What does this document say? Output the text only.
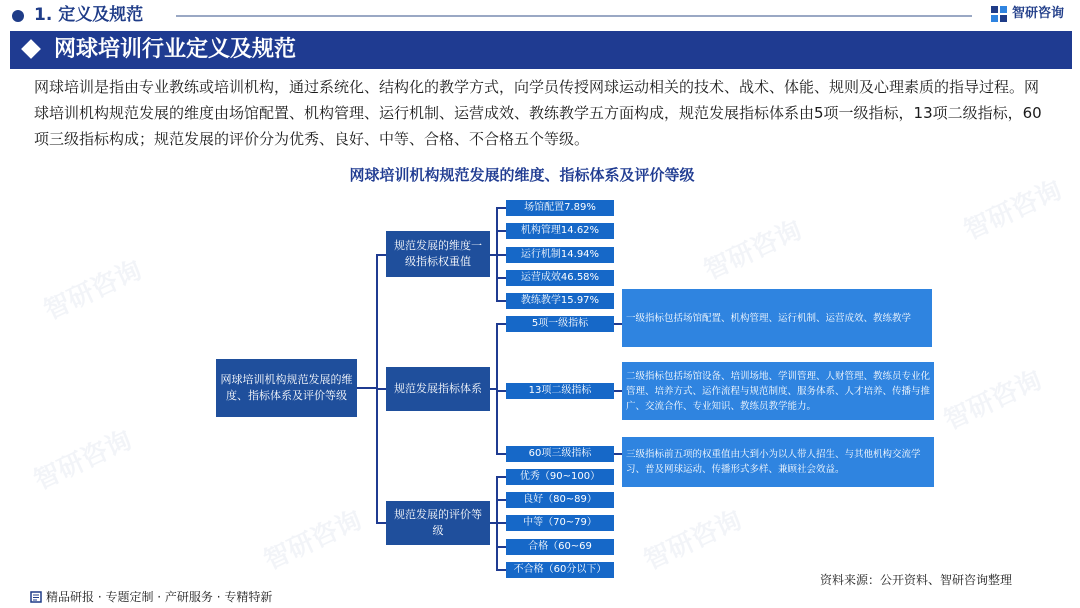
1. 定义及规范	智研咨询
网球培训行业定义及规范
智研咨询
智研咨询
智研咨询	智研咨询
智研咨询
智研咨询
智研咨询
网球培训是指由专业教练或培训机构，通过系统化、结构化的教学方式，向学员传授网球运动相关的技术、战术、体能、规则及心理素质的指导过程。网球培训机构规范发展的维度由场馆配置、机构管理、运行机制、运营成效、教练教学五方面构成，规范发展指标体系由5项一级指标，13项二级指标，60项三级指标构成；规范发展的评价分为优秀、良好、中等、合格、不合格五个等级。
网球培训机构规范发展的维度、指标体系及评价等级
网球培训机构规范发展的维度、指标体系及评价等级
规范发展的维度一级指标权重值
规范发展指标体系
规范发展的评价等级
场馆配置7.89%
机构管理14.62%
运行机制14.94%
运营成效46.58%
教练教学15.97%
5项一级指标
13项二级指标
60项三级指标
一级指标包括场馆配置、机构管理、运行机制、运营成效、教练教学
二级指标包括场馆设备、培训场地、学训管理、人财管理、教练员专业化管理、培养方式、运作流程与规范制度、服务体系、人才培养、传播与推广、交流合作、专业知识、教练员教学能力。
三级指标前五项的权重值由大到小为以人带人招生、与其他机构交流学习、普及网球运动、传播形式多样、兼顾社会效益。
优秀（90~100）
良好（80~89）
中等（70~79）
合格（60~69
不合格（60分以下）
精品研报 · 专题定制 · 产研服务 · 专精特新
资料来源：公开资料、智研咨询整理
